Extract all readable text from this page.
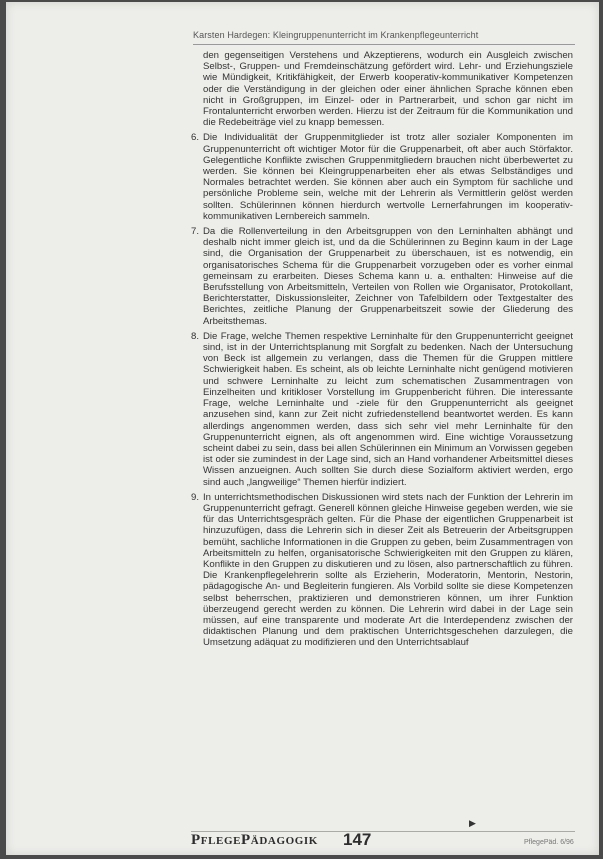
Karsten Hardegen: Kleingruppenunterricht im Krankenpflegeunterricht

den gegenseitigen Verstehens und Akzeptierens, wodurch ein Ausgleich zwischen Selbst-, Gruppen- und Fremdeinschätzung gefördert wird. Lehr- und Erziehungsziele wie Mündigkeit, Kritikfähigkeit, der Erwerb kooperativ-kommunikativer Kompetenzen oder die Verständigung in der gleichen oder einer ähnlichen Sprache können eben nicht in Großgruppen, im Einzel- oder in Partnerarbeit, und schon gar nicht im Frontalunterricht erworben werden. Hierzu ist der Zeitraum für die Kommunikation und die Redebeiträge viel zu knapp bemessen.

6. Die Individualität der Gruppenmitglieder ist trotz aller sozialer Komponenten im Gruppenunterricht oft wichtiger Motor für die Gruppenarbeit, oft aber auch Störfaktor. Gelegentliche Konflikte zwischen Gruppenmitgliedern brauchen nicht überbewertet zu werden. Sie können bei Kleingruppenarbeiten eher als etwas Selbständiges und Normales betrachtet werden. Sie können aber auch ein Symptom für sachliche und persönliche Probleme sein, welche mit der Lehrerin als Vermittlerin gelöst werden sollten. Schülerinnen können hierdurch wertvolle Lernerfahrungen im kooperativ-kommunikativen Lernbereich sammeln.
7. Da die Rollenverteilung in den Arbeitsgruppen von den Lerninhalten abhängt und deshalb nicht immer gleich ist, und da die Schülerinnen zu Beginn kaum in der Lage sind, die Organisation der Gruppenarbeit zu überschauen, ist es notwendig, ein organisatorisches Schema für die Gruppenarbeit vorzugeben oder es vorher einmal gemeinsam zu erarbeiten. Dieses Schema kann u. a. enthalten: Hinweise auf die Berufsstellung von Arbeitsmitteln, Verteilen von Rollen wie Organisator, Protokollant, Berichterstatter, Diskussionsleiter, Zeichner von Tafelbildern oder Textgestalter des Berichtes, zeitliche Planung der Gruppenarbeitszeit sowie der Gliederung des Arbeitsthemas.
8. Die Frage, welche Themen respektive Lerninhalte für den Gruppenunterricht geeignet sind, ist in der Unterrichtsplanung mit Sorgfalt zu bedenken. Nach der Untersuchung von Beck ist allgemein zu verlangen, dass die Themen für die Gruppen mittlere Schwierigkeit haben. Es scheint, als ob leichte Lerninhalte nicht genügend motivieren und schwere Lerninhalte zu leicht zum schematischen Zusammentragen von Einzelheiten und kritikloser Vorstellung im Gruppenbericht führen. Die interessante Frage, welche Lerninhalte und -ziele für den Gruppenunterricht als geeignet anzusehen sind, kann zur Zeit nicht zufriedenstellend beantwortet werden. Es kann allerdings angenommen werden, dass sich sehr viel mehr Lerninhalte für den Gruppenunterricht eignen, als oft angenommen wird. Eine wichtige Voraussetzung scheint dabei zu sein, dass bei allen Schülerinnen ein Minimum an Vorwissen gegeben ist oder sie zumindest in der Lage sind, sich an Hand vorhandener Arbeitsmittel dieses Wissen anzueignen. Auch sollten Sie durch diese Sozialform aktiviert werden, ergo sind auch „langweilige“ Themen hierfür indiziert.
9. In unterrichtsmethodischen Diskussionen wird stets nach der Funktion der Lehrerin im Gruppenunterricht gefragt. Generell können gleiche Hinweise gegeben werden, wie sie für das Unterrichtsgespräch gelten. Für die Phase der eigentlichen Gruppenarbeit ist hinzuzufügen, dass die Lehrerin sich in dieser Zeit als Betreuerin der Arbeitsgruppen bemüht, sachliche Informationen in die Gruppen zu geben, beim Zusammentragen von Arbeitsmitteln zu helfen, organisatorische Schwierigkeiten mit den Gruppen zu klären, Konflikte in den Gruppen zu diskutieren und zu lösen, also partnerschaftlich zu führen. Die Krankenpflegelehrerin sollte als Erzieherin, Moderatorin, Mentorin, Nestorin, pädagogische An- und Begleiterin fungieren. Als Vorbild sollte sie diese Kompetenzen selbst beherrschen, praktizieren und demonstrieren können, um ihrer Funktion überzeugend gerecht werden zu können. Die Lehrerin wird dabei in der Lage sein müssen, auf eine transparente und moderate Art die Interdependenz zwischen der didaktischen Planung und dem praktischen Unterrichtsgeschehen darzulegen, die Umsetzung adäquat zu modifizieren und den Unterrichtsablauf
▶
PflegePädagogik 147	PflegePäd. 6/96
